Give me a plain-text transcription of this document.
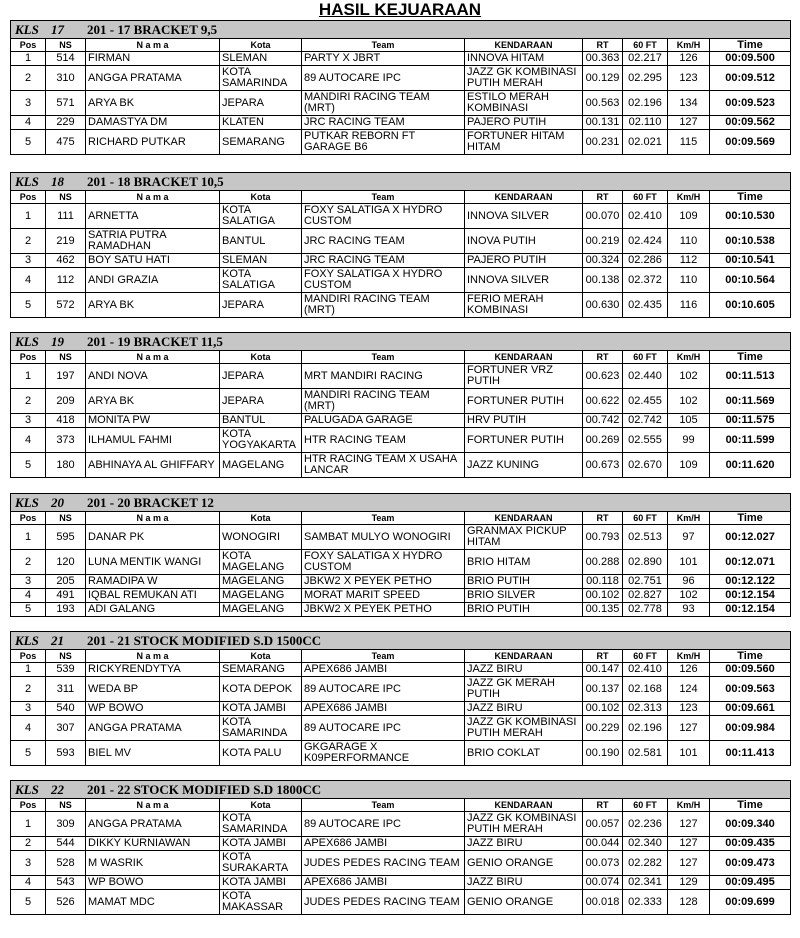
HASIL KEJUARAAN
KLS 17 201 - 17 BRACKET 9,5									
Pos	NS	N a m a	Kota	Team	KENDARAAN	RT	60 FT	Km/H	Time
1	514	FIRMAN	SLEMAN	PARTY X JBRT	INNOVA HITAM	00.363	02.217	126	00:09.500
2	310	ANGGA PRATAMA	KOTA SAMARINDA	89 AUTOCARE IPC	JAZZ GK KOMBINASI PUTIH MERAH	00.129	02.295	123	00:09.512
3	571	ARYA BK	JEPARA	MANDIRI RACING TEAM (MRT)	ESTILO MERAH KOMBINASI	00.563	02.196	134	00:09.523
4	229	DAMASTYA DM	KLATEN	JRC RACING TEAM	PAJERO PUTIH	00.131	02.110	127	00:09.562
5	475	RICHARD PUTKAR	SEMARANG	PUTKAR REBORN FT GARAGE B6	FORTUNER HITAM HITAM	00.231	02.021	115	00:09.569
KLS 18 201 - 18 BRACKET 10,5									
Pos	NS	N a m a	Kota	Team	KENDARAAN	RT	60 FT	Km/H	Time
1	111	ARNETTA	KOTA SALATIGA	FOXY SALATIGA X HYDRO CUSTOM	INNOVA SILVER	00.070	02.410	109	00:10.530
2	219	SATRIA PUTRA RAMADHAN	BANTUL	JRC RACING TEAM	INOVA PUTIH	00.219	02.424	110	00:10.538
3	462	BOY SATU HATI	SLEMAN	JRC RACING TEAM	PAJERO PUTIH	00.324	02.286	112	00:10.541
4	112	ANDI GRAZIA	KOTA SALATIGA	FOXY SALATIGA X HYDRO CUSTOM	INNOVA SILVER	00.138	02.372	110	00:10.564
5	572	ARYA BK	JEPARA	MANDIRI RACING TEAM (MRT)	FERIO MERAH KOMBINASI	00.630	02.435	116	00:10.605
KLS 19 201 - 19 BRACKET 11,5									
Pos	NS	N a m a	Kota	Team	KENDARAAN	RT	60 FT	Km/H	Time
1	197	ANDI NOVA	JEPARA	MRT MANDIRI RACING	FORTUNER VRZ PUTIH	00.623	02.440	102	00:11.513
2	209	ARYA BK	JEPARA	MANDIRI RACING TEAM (MRT)	FORTUNER PUTIH	00.622	02.455	102	00:11.569
3	418	MONITA PW	BANTUL	PALUGADA GARAGE	HRV PUTIH	00.742	02.742	105	00:11.575
4	373	ILHAMUL FAHMI	KOTA YOGYAKARTA	HTR RACING TEAM	FORTUNER PUTIH	00.269	02.555	99	00:11.599
5	180	ABHINAYA AL GHIFFARY	MAGELANG	HTR RACING TEAM X USAHA LANCAR	JAZZ KUNING	00.673	02.670	109	00:11.620
KLS 20 201 - 20 BRACKET 12									
Pos	NS	N a m a	Kota	Team	KENDARAAN	RT	60 FT	Km/H	Time
1	595	DANAR PK	WONOGIRI	SAMBAT MULYO WONOGIRI	GRANMAX PICKUP HITAM	00.793	02.513	97	00:12.027
2	120	LUNA MENTIK WANGI	KOTA MAGELANG	FOXY SALATIGA X HYDRO CUSTOM	BRIO HITAM	00.288	02.890	101	00:12.071
3	205	RAMADIPA W	MAGELANG	JBKW2 X PEYEK PETHO	BRIO PUTIH	00.118	02.751	96	00:12.122
4	491	IQBAL REMUKAN ATI	MAGELANG	MORAT MARIT SPEED	BRIO SILVER	00.102	02.827	102	00:12.154
5	193	ADI GALANG	MAGELANG	JBKW2 X PEYEK PETHO	BRIO PUTIH	00.135	02.778	93	00:12.154
KLS 21 201 - 21 STOCK MODIFIED S.D 1500CC									
Pos	NS	N a m a	Kota	Team	KENDARAAN	RT	60 FT	Km/H	Time
1	539	RICKYRENDYTYA	SEMARANG	APEX686 JAMBI	JAZZ BIRU	00.147	02.410	126	00:09.560
2	311	WEDA BP	KOTA DEPOK	89 AUTOCARE IPC	JAZZ GK MERAH PUTIH	00.137	02.168	124	00:09.563
3	540	WP BOWO	KOTA JAMBI	APEX686 JAMBI	JAZZ BIRU	00.102	02.313	123	00:09.661
4	307	ANGGA PRATAMA	KOTA SAMARINDA	89 AUTOCARE IPC	JAZZ GK KOMBINASI PUTIH MERAH	00.229	02.196	127	00:09.984
5	593	BIEL MV	KOTA PALU	GKGARAGE X K09PERFORMANCE	BRIO COKLAT	00.190	02.581	101	00:11.413
KLS 22 201 - 22 STOCK MODIFIED S.D 1800CC									
Pos	NS	N a m a	Kota	Team	KENDARAAN	RT	60 FT	Km/H	Time
1	309	ANGGA PRATAMA	KOTA SAMARINDA	89 AUTOCARE IPC	JAZZ GK KOMBINASI PUTIH MERAH	00.057	02.236	127	00:09.340
2	544	DIKKY KURNIAWAN	KOTA JAMBI	APEX686 JAMBI	JAZZ BIRU	00.044	02.340	127	00:09.435
3	528	M WASRIK	KOTA SURAKARTA	JUDES PEDES RACING TEAM	GENIO ORANGE	00.073	02.282	127	00:09.473
4	543	WP BOWO	KOTA JAMBI	APEX686 JAMBI	JAZZ BIRU	00.074	02.341	129	00:09.495
5	526	MAMAT MDC	KOTA MAKASSAR	JUDES PEDES RACING TEAM	GENIO ORANGE	00.018	02.333	128	00:09.699
